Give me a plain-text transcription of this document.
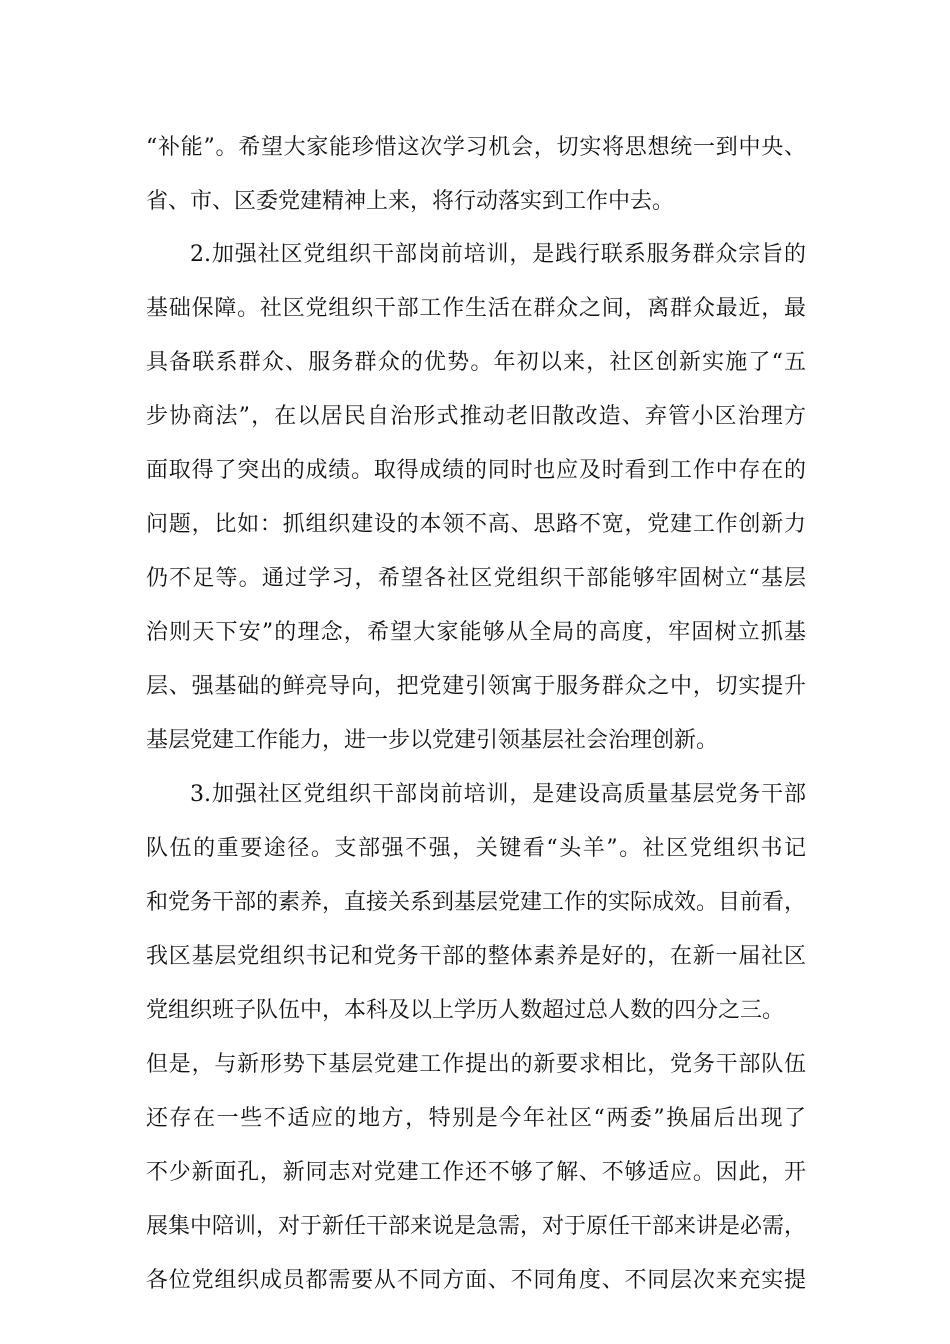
“补能”。希望大家能珍惜这次学习机会，切实将思想统一到中央、
省、市、区委党建精神上来，将行动落实到工作中去。
2.加强社区党组织干部岗前培训，是践行联系服务群众宗旨的
基础保障。社区党组织干部工作生活在群众之间，离群众最近，最
具备联系群众、服务群众的优势。年初以来，社区创新实施了“五
步协商法”，在以居民自治形式推动老旧散改造、弃管小区治理方
面取得了突出的成绩。取得成绩的同时也应及时看到工作中存在的
问题，比如：抓组织建设的本领不高、思路不宽，党建工作创新力
仍不足等。通过学习，希望各社区党组织干部能够牢固树立“基层
治则天下安”的理念，希望大家能够从全局的高度，牢固树立抓基
层、强基础的鲜亮导向，把党建引领寓于服务群众之中，切实提升
基层党建工作能力，进一步以党建引领基层社会治理创新。
3.加强社区党组织干部岗前培训，是建设高质量基层党务干部
队伍的重要途径。支部强不强，关键看“头羊”。社区党组织书记
和党务干部的素养，直接关系到基层党建工作的实际成效。目前看，
我区基层党组织书记和党务干部的整体素养是好的，在新一届社区
党组织班子队伍中，本科及以上学历人数超过总人数的四分之三。
但是，与新形势下基层党建工作提出的新要求相比，党务干部队伍
还存在一些不适应的地方，特别是今年社区“两委”换届后出现了
不少新面孔，新同志对党建工作还不够了解、不够适应。因此，开
展集中陪训，对于新任干部来说是急需，对于原任干部来讲是必需，
各位党组织成员都需要从不同方面、不同角度、不同层次来充实提
